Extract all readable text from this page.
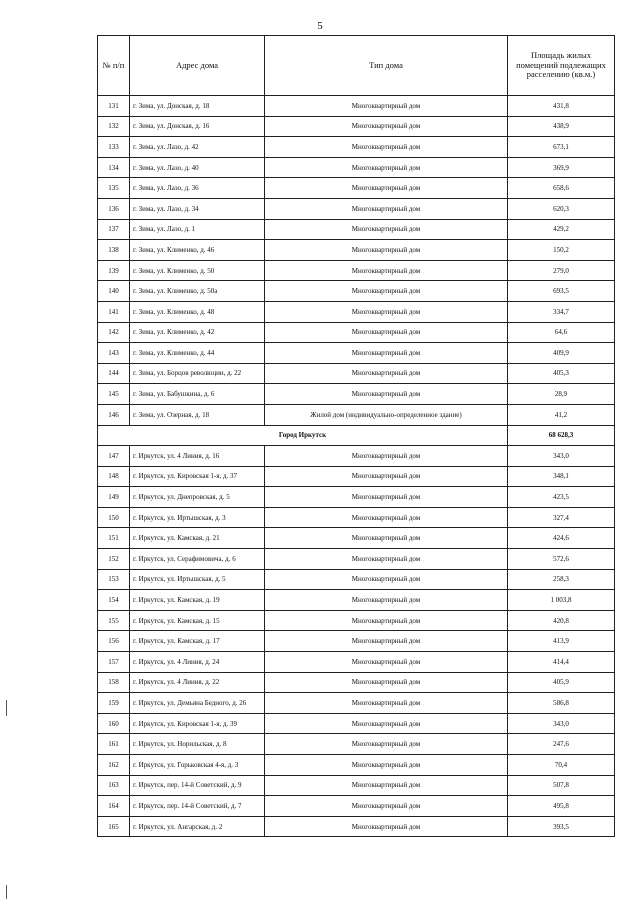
5
№ п/п	Адрес дома	Тип дома	Площадь жилых помещений подлежащих расселению (кв.м.)
131	г. Зима, ул. Донская, д. 18	Многоквартирный дом	431,8
132	г. Зима, ул. Донская, д. 16	Многоквартирный дом	438,9
133	г. Зима, ул. Лазо, д. 42	Многоквартирный дом	673,1
134	г. Зима, ул. Лазо, д. 40	Многоквартирный дом	369,9
135	г. Зима, ул. Лазо, д. 36	Многоквартирный дом	658,6
136	г. Зима, ул. Лазо, д. 34	Многоквартирный дом	620,3
137	г. Зима, ул. Лазо, д. 1	Многоквартирный дом	429,2
138	г. Зима, ул. Клименко, д. 46	Многоквартирный дом	150,2
139	г. Зима, ул. Клименко, д. 50	Многоквартирный дом	279,0
140	г. Зима, ул. Клименко, д. 50а	Многоквартирный дом	693,5
141	г. Зима, ул. Клименко, д. 48	Многоквартирный дом	334,7
142	г. Зима, ул. Клименко, д. 42	Многоквартирный дом	64,6
143	г. Зима, ул. Клименко, д. 44	Многоквартирный дом	409,9
144	г. Зима, ул. Борцов революции, д. 22	Многоквартирный дом	405,3
145	г. Зима, ул. Бабушкина, д. 6	Многоквартирный дом	28,9
146	г. Зима, ул. Озерная, д. 18	Жилой дом (индивидуально-определенное здание)	41,2
Город Иркутск			68 628,3
147	г. Иркутск, ул. 4 Линия, д. 16	Многоквартирный дом	343,0
148	г. Иркутск, ул. Кировская 1-я, д. 37	Многоквартирный дом	348,1
149	г. Иркутск, ул. Днепровская, д. 5	Многоквартирный дом	423,5
150	г. Иркутск, ул. Иртышская, д. 3	Многоквартирный дом	327,4
151	г. Иркутск, ул. Камская, д. 21	Многоквартирный дом	424,6
152	г. Иркутск, ул. Серафимовича, д. 6	Многоквартирный дом	572,6
153	г. Иркутск, ул. Иртышская, д. 5	Многоквартирный дом	258,3
154	г. Иркутск, ул. Камская, д. 19	Многоквартирный дом	1 003,8
155	г. Иркутск, ул. Камская, д. 15	Многоквартирный дом	420,8
156	г. Иркутск, ул. Камская, д. 17	Многоквартирный дом	413,9
157	г. Иркутск, ул. 4 Линия, д. 24	Многоквартирный дом	414,4
158	г. Иркутск, ул. 4 Линия, д. 22	Многоквартирный дом	405,9
159	г. Иркутск, ул. Демьяна Бедного, д. 26	Многоквартирный дом	586,8
160	г. Иркутск, ул. Кировская 1-я, д. 39	Многоквартирный дом	343,0
161	г. Иркутск, ул. Норильская, д. 8	Многоквартирный дом	247,6
162	г. Иркутск, ул. Горьковская 4-я, д. 3	Многоквартирный дом	70,4
163	г. Иркутск, пер. 14-й Советский, д. 9	Многоквартирный дом	507,8
164	г. Иркутск, пер. 14-й Советский, д. 7	Многоквартирный дом	495,8
165	г. Иркутск, ул. Ангарская, д. 2	Многоквартирный дом	393,5
